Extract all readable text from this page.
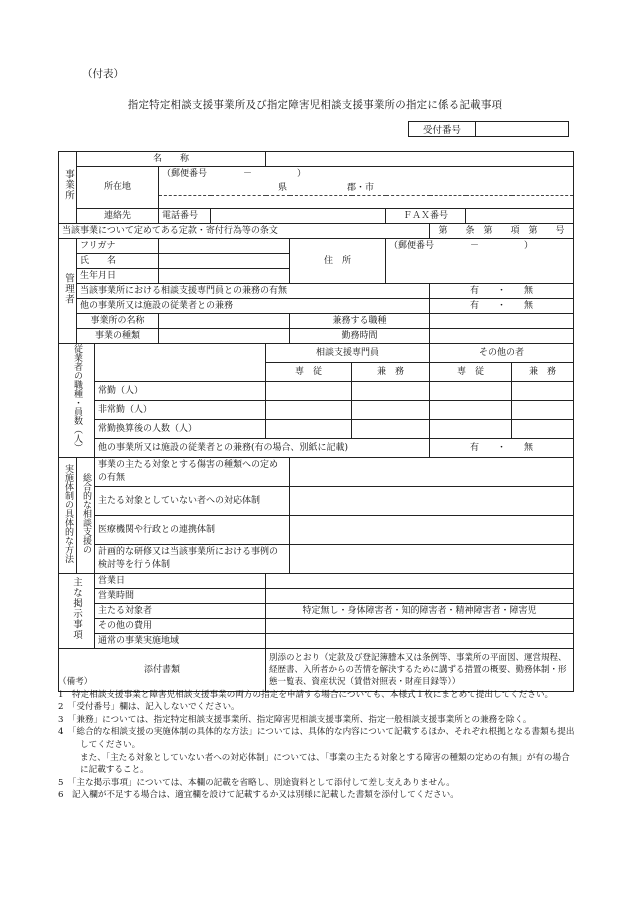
（付表）
指定特定相談支援事業所及び指定障害児相談支援事業所の指定に係る記載事項
受付番号	
事業所	名　　称										
	所在地		（郵便番号　　　　－　　　　　）								
			県 郡・市								

	連絡先		電話番号					ＦＡＸ番号			
当該事業について定めてある定款・寄付行為等の条文									第　　条　第　　項　第　　号		
管理者	フリガナ					住　所		（郵便番号　　　　－　　　　　）			
	氏　　名										
	生年月日										
	当該事業所における相談支援専門員との兼務の有無								有　　・　　無		
	他の事業所又は施設の従業者との兼務								有　　・　　無		
	事業所の名称					兼務する職種					
	事業の種類					勤務時間					
従業者の職種・員数（人）					相談支援専門員				その他の者		
					専　従		兼　務		専　従		兼　務
		常勤（人）									
		非常勤（人）									
		常勤換算後の人数（人）									
		他の事業所又は施設の従業者との兼務(有の場合、別紙に記載)							有　　・　　無		
実施体制の具体的な方法	総合的な相談支援の	事業の主たる対象とする傷害の種類への定めの有無									
		主たる対象としていない者への対応体制									
		医療機関や行政との連携体制									
		計画的な研修又は当該事業所における事例の検討等を行う体制									
主な掲示事項		営業日									
		営業時間									
		主たる対象者			特定無し・身体障害者・知的障害者・精神障害者・障害児						
		その他の費用									
		通常の事業実施地域									
添付書類					別添のとおり（定款及び登記簿謄本又は条例等、事業所の平面図、運営規程、経歴書、入所者からの苦情を解決するために講ずる措置の概要、勤務体制・形態一覧表、資産状況（賃借対照表・財産目録等））						
（備考）
1　特定相談支援事業と障害児相談支援事業の両方の指定を申請する場合についても、本様式１枚にまとめて提出してください。
2　「受付番号」欄は、記入しないでください。
3　「兼務」については、指定特定相談支援事業所、指定障害児相談支援事業所、指定一般相談支援事業所との兼務を除く。
4　「総合的な相談支援の実施体制の具体的な方法」については、具体的な内容について記載するほか、それぞれ根拠となる書類も提出してください。
また、「主たる対象としていない者への対応体制」については、「事業の主たる対象とする障害の種類の定めの有無」が有の場合に記載すること。
5　「主な掲示事項」については、本欄の記載を省略し、別途資料として添付して差し支えありません。
6　記入欄が不足する場合は、適宜欄を設けて記載するか又は別様に記載した書類を添付してください。
